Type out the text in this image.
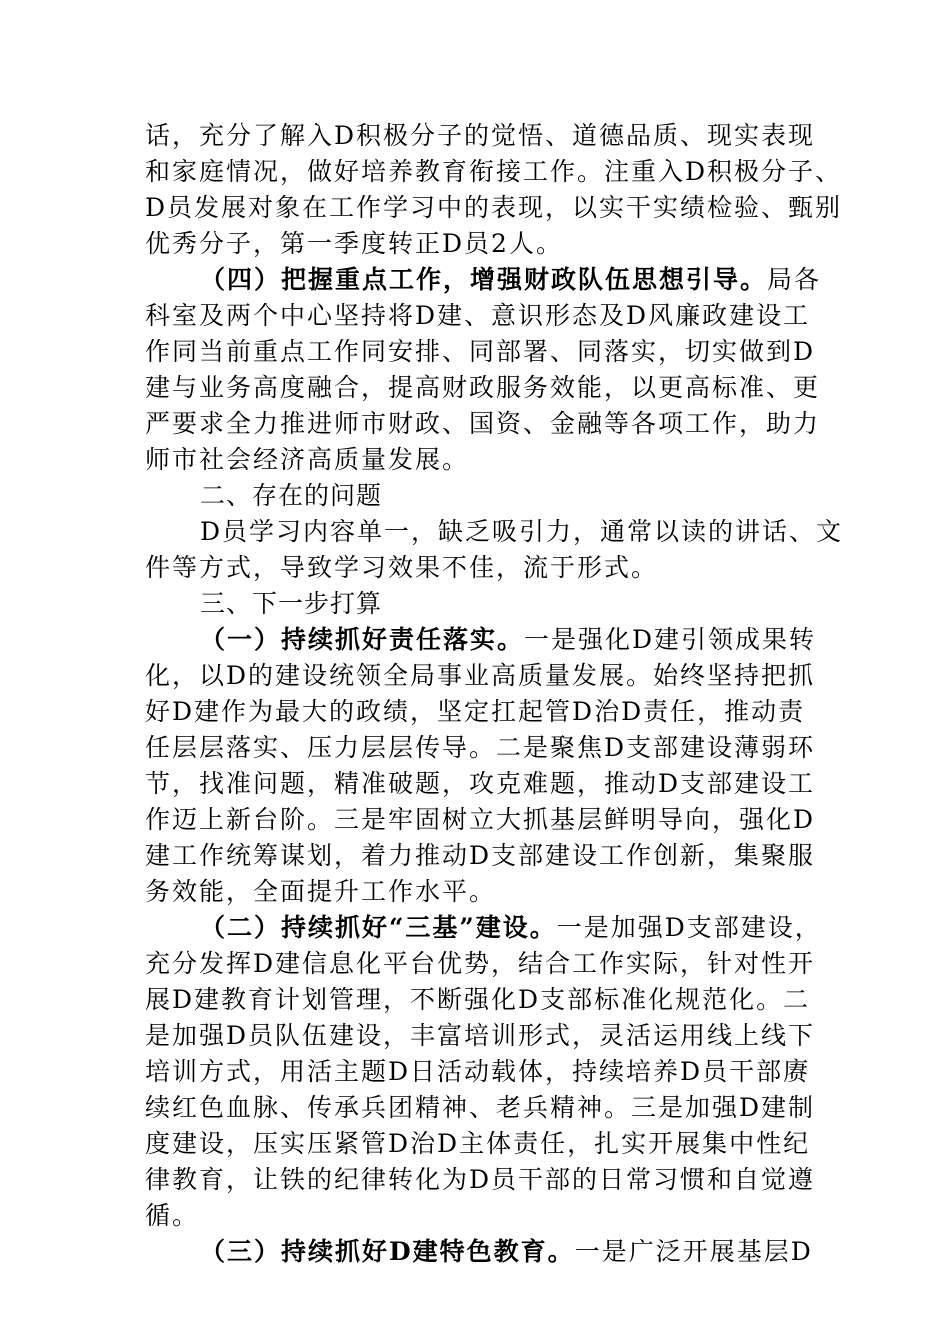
话，充分了解入D积极分子的觉悟、道德品质、现实表现
和家庭情况，做好培养教育衔接工作。注重入D积极分子、
D员发展对象在工作学习中的表现，以实干实绩检验、甄别
优秀分子，第一季度转正D员2人。
（四）把握重点工作，增强财政队伍思想引导。局各
科室及两个中心坚持将D建、意识形态及D风廉政建设工
作同当前重点工作同安排、同部署、同落实，切实做到D
建与业务高度融合，提高财政服务效能，以更高标准、更
严要求全力推进师市财政、国资、金融等各项工作，助力
师市社会经济高质量发展。
二、存在的问题
D员学习内容单一，缺乏吸引力，通常以读的讲话、文
件等方式，导致学习效果不佳，流于形式。
三、下一步打算
（一）持续抓好责任落实。一是强化D建引领成果转
化，以D的建设统领全局事业高质量发展。始终坚持把抓
好D建作为最大的政绩，坚定扛起管D治D责任，推动责
任层层落实、压力层层传导。二是聚焦D支部建设薄弱环
节，找准问题，精准破题，攻克难题，推动D支部建设工
作迈上新台阶。三是牢固树立大抓基层鲜明导向，强化D
建工作统筹谋划，着力推动D支部建设工作创新，集聚服
务效能，全面提升工作水平。
（二）持续抓好“三基”建设。一是加强D支部建设，
充分发挥D建信息化平台优势，结合工作实际，针对性开
展D建教育计划管理，不断强化D支部标准化规范化。二
是加强D员队伍建设，丰富培训形式，灵活运用线上线下
培训方式，用活主题D日活动载体，持续培养D员干部赓
续红色血脉、传承兵团精神、老兵精神。三是加强D建制
度建设，压实压紧管D治D主体责任，扎实开展集中性纪
律教育，让铁的纪律转化为D员干部的日常习惯和自觉遵
循。
（三）持续抓好D建特色教育。一是广泛开展基层D
